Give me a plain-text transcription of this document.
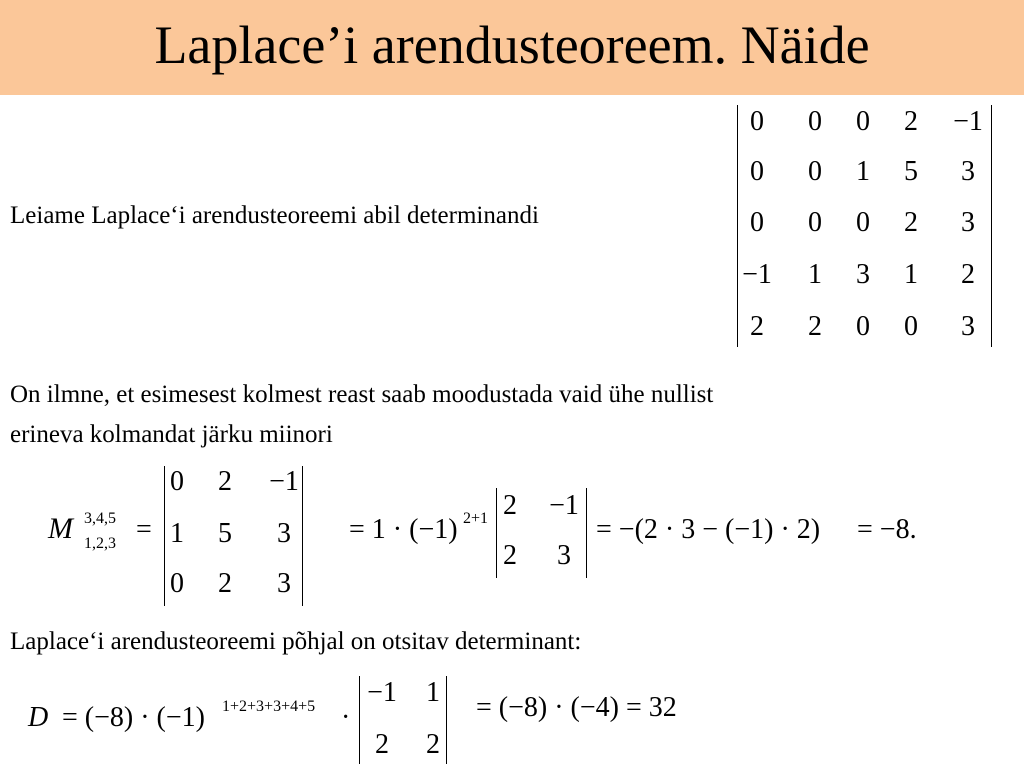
Laplace’i arendusteoreem. Näide
Leiame Laplace‘i arendusteoreemi abil determinandi
0	0	0	2	−1
0	0	1	5	3
0	0	0	2	3
−1	1	3	1	2
2	2	0	0	3
On ilmne, et esimesest kolmest reast saab moodustada vaid ühe nullist
erineva kolmandat järku miinori
M 3,4,5
1,2,3 =
0	2	−1
1	5	3
0	2	3
= 1 · (−1) 2+1 2	−1
2	3
= −(2 · 3 − (−1) · 2) = −8.
Laplace‘i arendusteoreemi põhjal on otsitav determinant:
D = (−8) · (−1) 1+2+3+3+4+5 ·
−1	1
2	2
= (−8) · (−4) = 32
